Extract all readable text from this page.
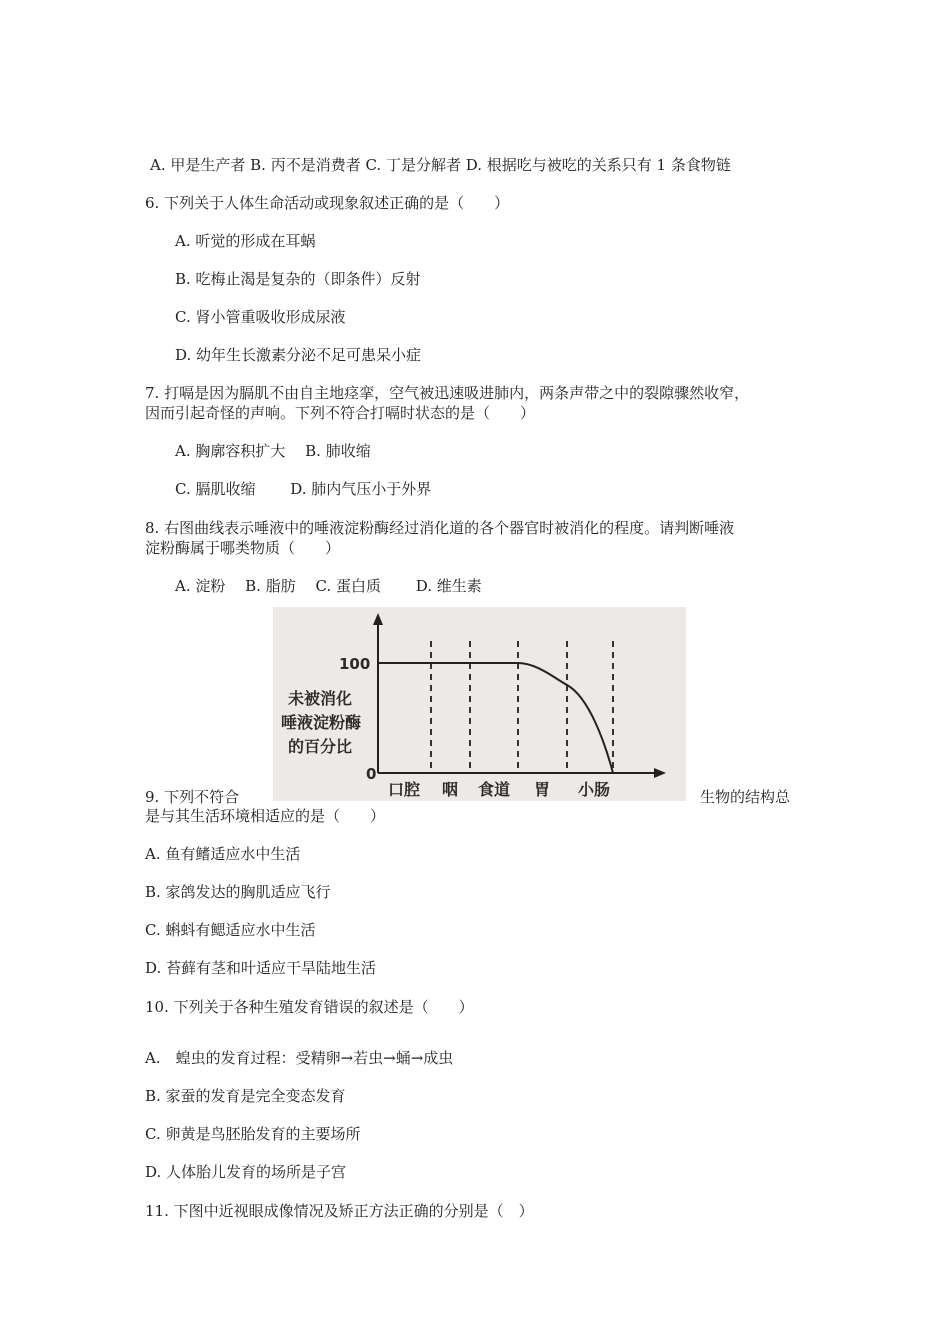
A. 甲是生产者 B. 丙不是消费者 C. 丁是分解者 D. 根据吃与被吃的关系只有 1 条食物链
6. 下列关于人体生命活动或现象叙述正确的是（　　）
A. 听觉的形成在耳蜗
B. 吃梅止渴是复杂的（即条件）反射
C. 肾小管重吸收形成尿液
D. 幼年生长激素分泌不足可患呆小症
7. 打嗝是因为膈肌不由自主地痉挛，空气被迅速吸进肺内，两条声带之中的裂隙骤然收窄，
因而引起奇怪的声响。下列不符合打嗝时状态的是（　　）
A. 胸廓容积扩大　 B. 肺收缩
C. 膈肌收缩　　 D. 肺内气压小于外界
8. 右图曲线表示唾液中的唾液淀粉酶经过消化道的各个器官时被消化的程度。请判断唾液
淀粉酶属于哪类物质（　　）
A. 淀粉　 B. 脂肪　 C. 蛋白质　　 D. 维生素
100
0
未被消化
唾液淀粉酶
的百分比
口腔 咽 食道 胃 小肠
9. 下列不符合	生物的结构总
是与其生活环境相适应的是（　　）
A. 鱼有鳍适应水中生活
B. 家鸽发达的胸肌适应飞行
C. 蝌蚪有鳃适应水中生活
D. 苔藓有茎和叶适应干旱陆地生活
10. 下列关于各种生殖发育错误的叙述是（　　）
A.　蝗虫的发育过程：受精卵→若虫→蛹→成虫
B. 家蚕的发育是完全变态发育
C. 卵黄是鸟胚胎发育的主要场所
D. 人体胎儿发育的场所是子宫
11. 下图中近视眼成像情况及矫正方法正确的分别是（　）
